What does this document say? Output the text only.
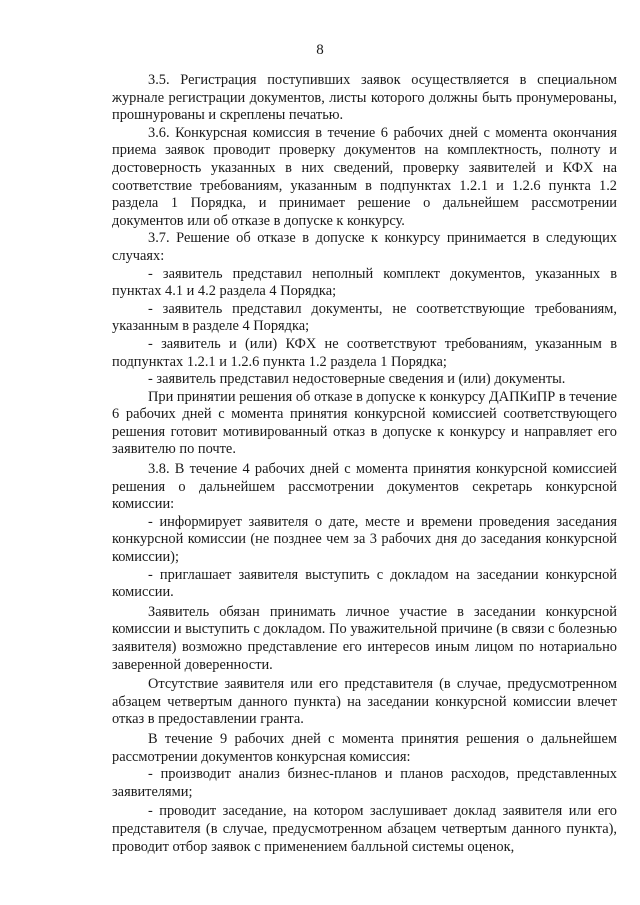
8

3.5. Регистрация поступивших заявок осуществляется в специальном журнале регистрации документов, листы которого должны быть пронумерованы, прошнурованы и скреплены печатью.

3.6. Конкурсная комиссия в течение 6 рабочих дней с момента окончания приема заявок проводит проверку документов на комплектность, полноту и достоверность указанных в них сведений, проверку заявителей и КФХ на соответствие требованиям, указанным в подпунктах 1.2.1 и 1.2.6 пункта 1.2 раздела 1 Порядка, и принимает решение о дальнейшем рассмотрении документов или об отказе в допуске к конкурсу.

3.7. Решение об отказе в допуске к конкурсу принимается в следующих случаях:

- заявитель представил неполный комплект документов, указанных в пунктах 4.1 и 4.2 раздела 4 Порядка;

- заявитель представил документы, не соответствующие требованиям, указанным в разделе 4 Порядка;

- заявитель и (или) КФХ не соответствуют требованиям, указанным в подпунктах 1.2.1 и 1.2.6 пункта 1.2 раздела 1 Порядка;

- заявитель представил недостоверные сведения и (или) документы.

При принятии решения об отказе в допуске к конкурсу ДАПКиПР в течение 6 рабочих дней с момента принятия конкурсной комиссией соответствующего решения готовит мотивированный отказ в допуске к конкурсу и направляет его заявителю по почте.

3.8. В течение 4 рабочих дней с момента принятия конкурсной комиссией решения о дальнейшем рассмотрении документов секретарь конкурсной комиссии:

- информирует заявителя о дате, месте и времени проведения заседания конкурсной комиссии (не позднее чем за 3 рабочих дня до заседания конкурсной комиссии);

- приглашает заявителя выступить с докладом на заседании конкурсной комиссии.

Заявитель обязан принимать личное участие в заседании конкурсной комиссии и выступить с докладом. По уважительной причине (в связи с болезнью заявителя) возможно представление его интересов иным лицом по нотариально заверенной доверенности.

Отсутствие заявителя или его представителя (в случае, предусмотренном абзацем четвертым данного пункта) на заседании конкурсной комиссии влечет отказ в предоставлении гранта.

В течение 9 рабочих дней с момента принятия решения о дальнейшем рассмотрении документов конкурсная комиссия:

- производит анализ бизнес-планов и планов расходов, представленных заявителями;

- проводит заседание, на котором заслушивает доклад заявителя или его представителя (в случае, предусмотренном абзацем четвертым данного пункта), проводит отбор заявок с применением балльной системы оценок,
